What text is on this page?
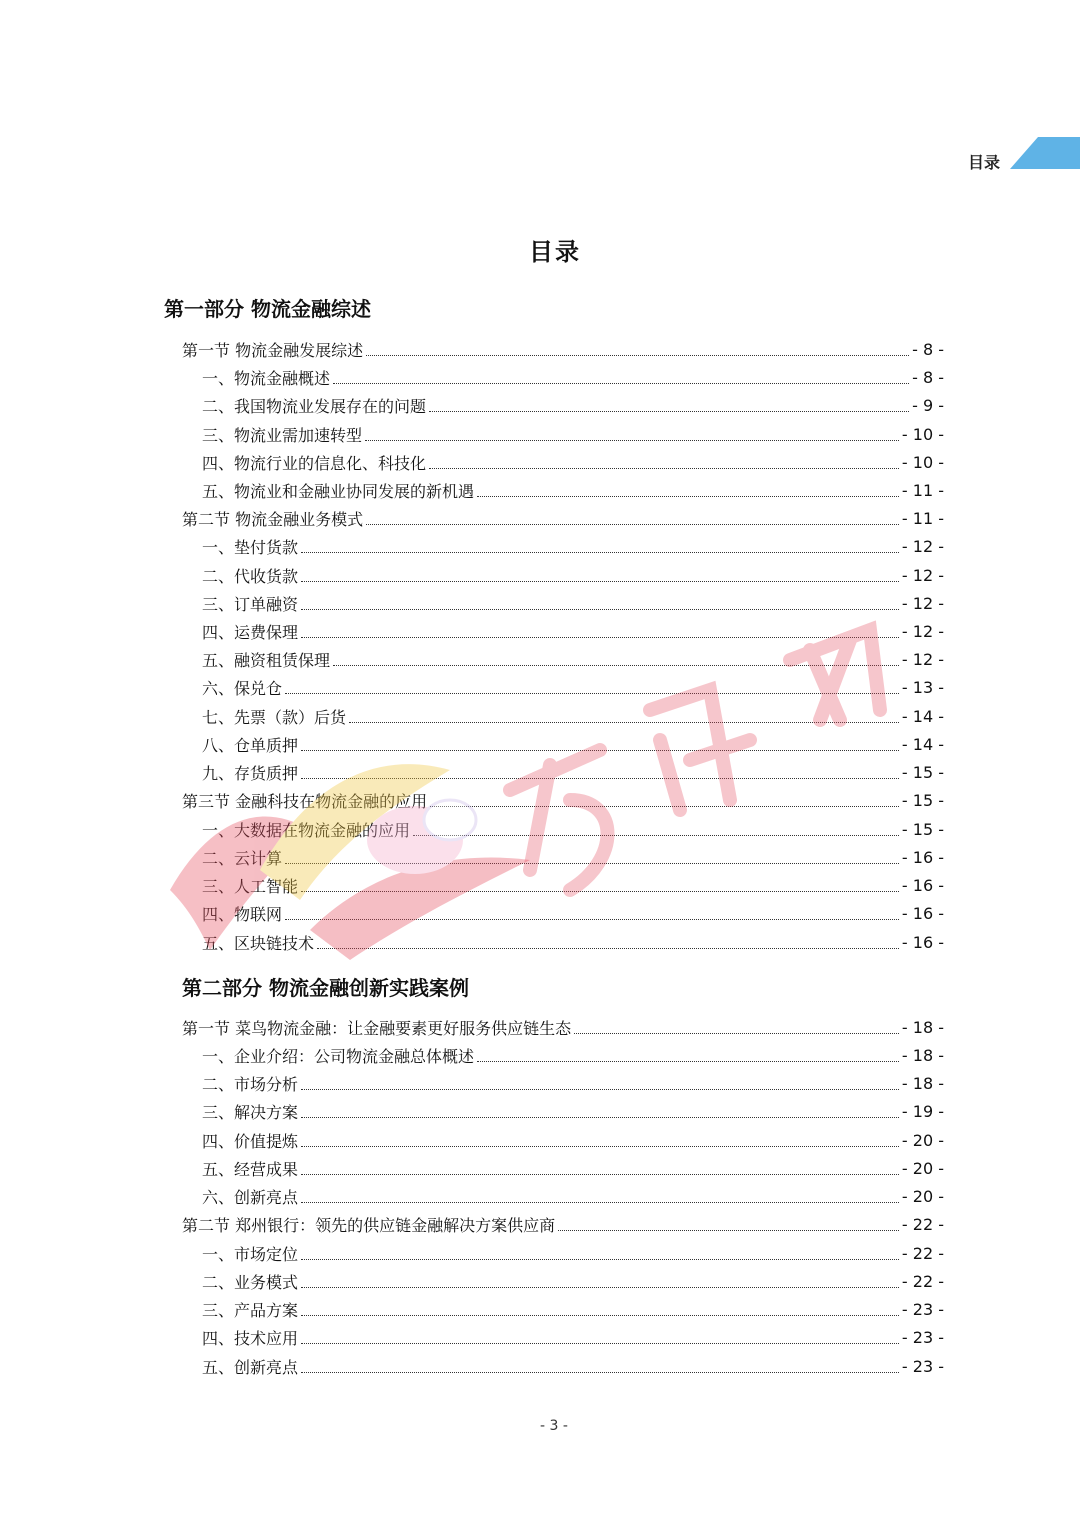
目录
目录
第一部分 物流金融综述
第一节 物流金融发展综述	- 8 -
一、物流金融概述	- 8 -
二、我国物流业发展存在的问题	- 9 -
三、物流业需加速转型	- 10 -
四、物流行业的信息化、科技化	- 10 -
五、物流业和金融业协同发展的新机遇	- 11 -
第二节 物流金融业务模式	- 11 -
一、垫付货款	- 12 -
二、代收货款	- 12 -
三、订单融资	- 12 -
四、运费保理	- 12 -
五、融资租赁保理	- 12 -
六、保兑仓	- 13 -
七、先票（款）后货	- 14 -
八、仓单质押	- 14 -
九、存货质押	- 15 -
第三节 金融科技在物流金融的应用	- 15 -
一、大数据在物流金融的应用	- 15 -
二、云计算	- 16 -
三、人工智能	- 16 -
四、物联网	- 16 -
五、区块链技术	- 16 -
第二部分 物流金融创新实践案例
第一节 菜鸟物流金融：让金融要素更好服务供应链生态	- 18 -
一、企业介绍：公司物流金融总体概述	- 18 -
二、市场分析	- 18 -
三、解决方案	- 19 -
四、价值提炼	- 20 -
五、经营成果	- 20 -
六、创新亮点	- 20 -
第二节 郑州银行：领先的供应链金融解决方案供应商	- 22 -
一、市场定位	- 22 -
二、业务模式	- 22 -
三、产品方案	- 23 -
四、技术应用	- 23 -
五、创新亮点	- 23 -
- 3 -
